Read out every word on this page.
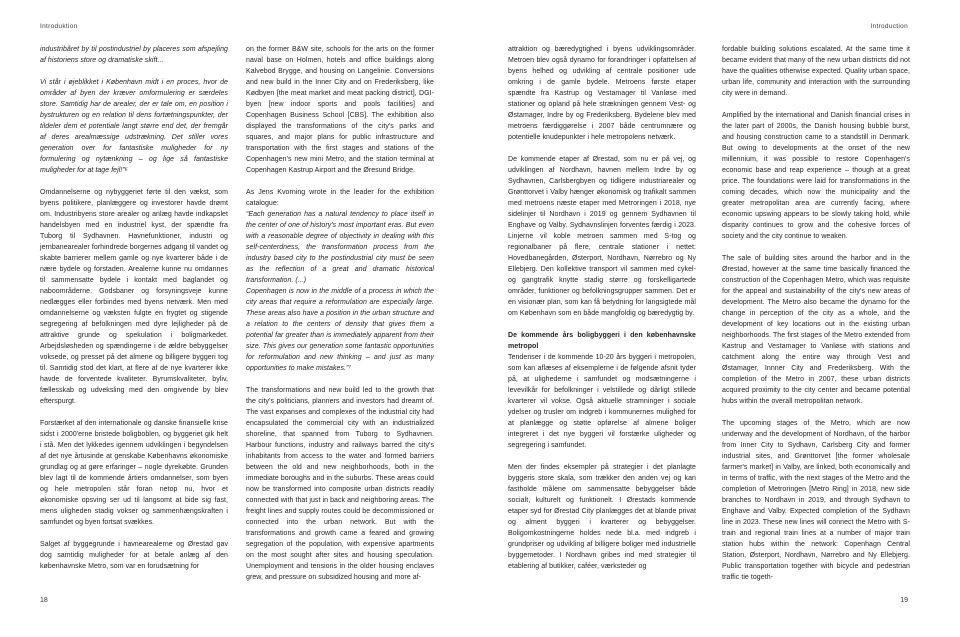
Introduktion	Introduction

industribåret by til postindustriel by placeres som afspejling af historiens store og dramatiske skift...

Vi står i øjeblikket i København midt i en proces, hvor de områder af byen der kræver omformulering er særdeles store. Samtidig har de arealer, der er tale om, en position i bystrukturen og en relation til dens fortætningspunkter, der tildeler dem et potentiale langt større end det, der fremgår af deres arealmæssige udstrækning. Det stiller vores generation over for fantastiske muligheder for ny formulering og nytænkning – og lige så fantastiske muligheder for at tage fejl!”⁶

Omdannelserne og nybyggeriet førte til den vækst, som byens politikere, planlæggere og investorer havde drømt om. Industribyens store arealer og anlæg havde indkapslet handelsbyen med en industriel kyst, der spændte fra Tuborg til Sydhavnen. Havnefunktioner, industri og jernbanearealer forhindrede borgernes adgang til vandet og skabte barrierer mellem gamle og nye kvarterer både i de nære bydele og forstaden. Arealerne kunne nu omdannes til sammensatte bydele i kontakt med baglandet og naboområderne. Godsbaner og forsyningsveje kunne nedlægges eller forbindes med byens netværk. Men med omdannelserne og væksten fulgte en frygtet og stigende segregering af befolkningen med dyre lejligheder på de attraktive grunde og spekulation i boligmarkedet. Arbejdsløsheden og spændingerne i de ældre bebyggelser voksede, og presset på det almene og billigere byggeri tog til. Samtidig stod det klart, at flere af de nye kvarterer ikke havde de forventede kvaliteter. Byrumskvaliteter, byliv, fællesskab og udveksling med den omgivende by blev efterspurgt.

Forstærket af den internationale og danske finansielle krise sidst i 2000'erne bristede boligboblen, og byggeriet gik helt i stå. Men det lykkedes igennem udviklingen i begyndelsen af det nye årtusinde at genskabe Københavns økonomiske grundlag og at gøre erfaringer – nogle dyrekøbte. Grunden blev lagt til de kommende årtiers omdannelser, som byen og hele metropolen står foran netop nu, hvor et økonomiske opsving ser ud til langsomt at bide sig fast, mens uligheden stadig vokser og sammenhængskraften i samfundet og byen fortsat svækkes.

Salget af byggegrunde i havnearealerne og Ørestad gav dog samtidig muligheder for at betale anlæg af den københavnske Metro, som var en forudsætning for

on the former B&W site, schools for the arts on the former naval base on Holmen, hotels and office buildings along Kalvebod Brygge, and housing on Langelinie. Conversions and new build in the Inner City and on Frederiksberg, like Kødbyen [the meat market and meat packing district], DGI-byen [new indoor sports and pools facilities] and Copenhagen Business School [CBS]. The exhibition also displayed the transformations of the city's parks and squares, and major plans for public infrastructure and transportation with the first stages and stations of the Copenhagen's new mini Metro, and the station terminal at Copenhagen Kastrup Airport and the Øresund Bridge.

As Jens Kvorning wrote in the leader for the exhibition catalogue:

“Each generation has a natural tendency to place itself in the center of one of history's most important eras. But even with a reasonable degree of objectivity in dealing with this self-centerdness, the transformation process from the industry based city to the postindustrial city must be seen as the reflection of a great and dramatic historical transformation. (...)

Copenhagen is now in the middle of a process in which the city areas that require a reformulation are especially large. These areas also have a position in the urban structure and a relation to the centers of density that gives them a potential far greater than is immediately apparent from their size. This gives our generation some fantastic opportunities for reformulation and new thinking – and just as many opportunities to make mistakes.”⁷

The transformations and new build led to the growth that the city's politicians, planners and investors had dreamt of. The vast expanses and complexes of the industrial city had encapsulated the commercial city with an industrialized shoreline, that spanned from Tuborg to Sydhavnen. Harbour functions, industry and railways barred the city's inhabitants from access to the water and formed barriers between the old and new neighborhoods, both in the immediate boroughs and in the suburbs. These areas could now be transformed into composite urban districts readily connected with that just in back and neighboring areas. The freight lines and supply routes could be decommissioned or connected into the urban network. But with the transformations and growth came a feared and growing segregation of the population, with expensive apartments on the most sought after sites and housing speculation. Unemployment and tensions in the older housing enclaves grew, and pressure on subsidized housing and more af-

attraktion og bæredygtighed i byens udviklingsområder. Metroen blev også dynamo for forandringer i opfattelsen af byens helhed og udvikling af centrale positioner ude omkring i de gamle bydele. Metroens første etaper spændte fra Kastrup og Vestamager til Vanløse med stationer og opland på hele strækningen gennem Vest- og Østamager, Indre by og Frederiksberg. Bydelene blev med metroens færdiggørelse i 2007 både centrumnære og potentielle knudepunkter i hele metropolens netværk.

De kommende etaper af Ørestad, som nu er på vej, og udviklingen af Nordhavn, havnen mellem Indre by og Sydhavnen, Carlsbergbyen og tidligere industriarealer og Grønttorvet i Valby hænger økonomisk og trafikalt sammen med metroens næste etaper med Metroringen i 2018, nye sidelinjer til Nordhavn i 2019 og gennem Sydhavnen til Enghave og Valby. Sydhavnslinjen forventes færdig i 2023. Linjerne vil koble metroen sammen med S-tog og regionalbaner på flere, centrale stationer i nettet: Hovedbanegården, Østerport, Nordhavn, Nørrebro og Ny Ellebjerg. Den kollektive transport vil sammen med cykel- og gangtrafik knytte stadig større og forskelligartede områder, funktioner og befolkningsgrupper sammen. Det er en visionær plan, som kan få betydning for langsigtede mål om København som en både mangfoldig og bæredygtig by.

De kommende års boligbyggeri i den københavnske metropol

Tendenser i de kommende 10-20 års byggeri i metropolen, som kan aflæses af eksemplerne i de følgende afsnit tyder på, at ulighederne i samfundet og modsætningerne i levevilkår for befolkninger i velstillede og dårligt stillede kvarterer vil vokse. Også aktuelle stramninger i sociale ydelser og trusler om indgreb i kommunernes mulighed for at planlægge og støtte opførelse af almene boliger integreret i det nye byggeri vil forstærke uligheder og segregering i samfundet.

Men der findes eksempler på strategier i det planlagte byggeris store skala, som trækker den anden vej og kan fastholde målene om sammensatte bebyggelser både socialt, kulturelt og funktionelt. I Ørestads kommende etaper syd for Ørestad City planlægges det at blande privat og alment byggeri i kvarterer og bebyggelser. Boligomkostningerne holdes nede bl.a. med indgreb i grundpriser og udvikling af billigere boliger med industrielle byggemetoder. I Nordhavn gribes ind med strategier til etablering af butikker, caféer, værksteder og

fordable building solutions escalated. At the same time it became evident that many of the new urban districts did not have the qualities otherwise expected. Quality urban space, urban life, community and interaction with the surrounding city were in demand.

Amplified by the international and Danish financial crises in the later part of 2000s, the Danish housing bubble burst, and housing construction came to a standstill in Denmark. But owing to developments at the onset of the new millennium, it was possible to restore Copenhagen's economic base and reap experience – though at a great price. The foundations were laid for transformations in the coming decades, which now the municipality and the greater metropolitan area are currently facing, where economic upswing appears to be slowly taking hold, while disparity continues to grow and the cohesive forces of society and the city continue to weaken.

The sale of building sites around the harbor and in the Ørestad, however at the same time basically financed the construction of the Copenhagen Metro, which was requisite for the appeal and sustainability of the city's new areas of development. The Metro also became the dynamo for the change in perception of the city as a whole, and the development of key locations out in the existing urban neighborhoods. The first stages of the Metro extended from Kastrup and Vestamager to Vanløse with stations and catchment along the entire way through Vest and Østamager, Innner City and Frederiksberg. With the completion of the Metro in 2007, these urban districts acquired proximity to the city center and became potential hubs within the overall metropolitan network.

The upcoming stages of the Metro, which are now underway and the development of Nordhavn, of the harbor from Inner City to Sydhavn, Carlsberg City and former industrial sites, and Grønttorvet [the former wholesale farmer's market] in Valby, are linked, both economically and in terms of traffic, with the next stages of the Metro and the completion of Metroringen [Metro Ring] in 2018, new side branches to Nordhavn in 2019, and through Sydhavn to Enghave and Valby. Expected completion of the Sydhavn line in 2023. These new lines will connect the Metro with S-train and regional train lines at a number of major train station hubs within the network: Copenhagn Central Station, Østerport, Nordhavn, Nørrebro and Ny Ellebjerg. Public transportation together with bicycle and pedestrian traffic tie togeth-

18	19
